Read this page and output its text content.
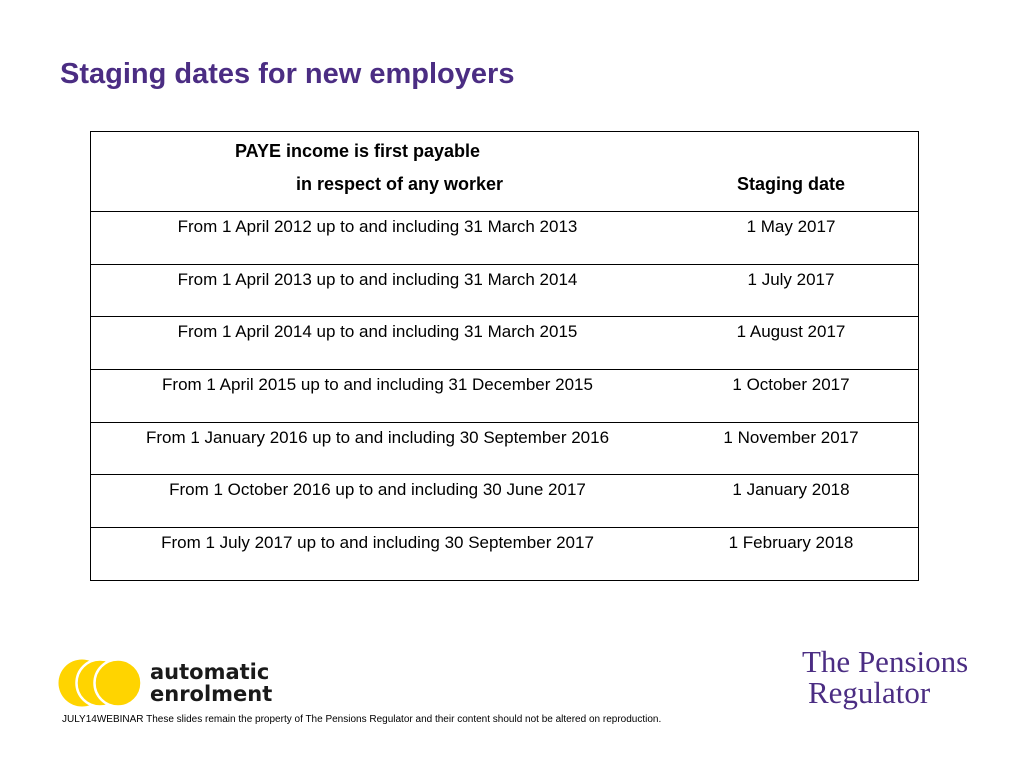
Staging dates for new employers
PAYE income is first payable
in respect of any worker	Staging date
From 1 April 2012 up to and including 31 March 2013	1 May 2017
From 1 April 2013 up to and including 31 March 2014	1 July 2017
From 1 April 2014 up to and including 31 March 2015	1 August 2017
From 1 April 2015 up to and including 31 December 2015	1 October 2017
From 1 January 2016 up to and including 30 September 2016	1 November 2017
From 1 October 2016 up to and including 30 June 2017	1 January 2018
From 1 July 2017 up to and including 30 September 2017	1 February 2018
automatic
enrolment
JULY14WEBINAR These slides remain the property of The Pensions Regulator and their content should not be altered on reproduction.
The Pensions
Regulator
